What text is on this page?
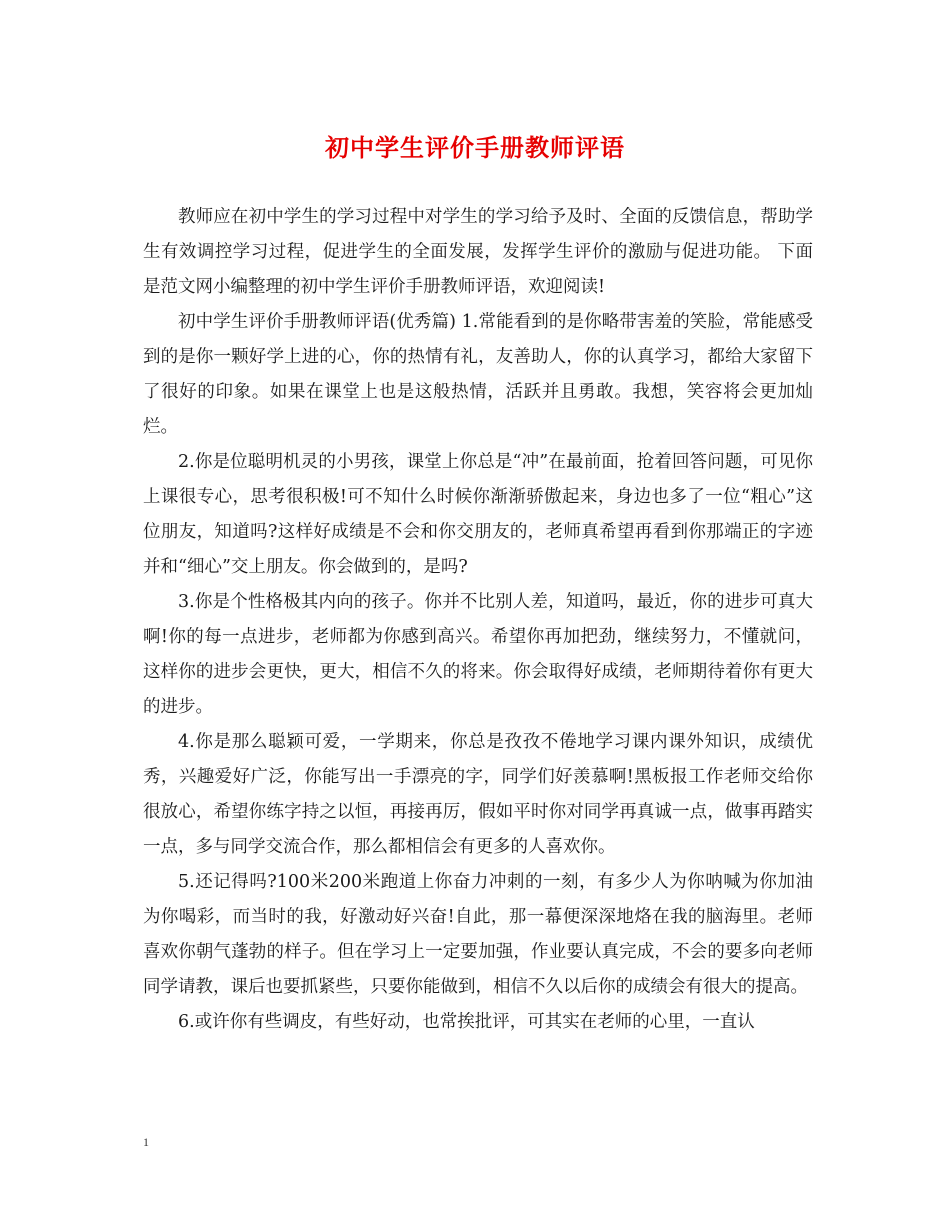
初中学生评价手册教师评语

教师应在初中学生的学习过程中对学生的学习给予及时、全面的反馈信息，帮助学生有效调控学习过程，促进学生的全面发展，发挥学生评价的激励与促进功能。 下面是范文网小编整理的初中学生评价手册教师评语，欢迎阅读!

初中学生评价手册教师评语(优秀篇) 1.常能看到的是你略带害羞的笑脸，常能感受到的是你一颗好学上进的心，你的热情有礼，友善助人，你的认真学习，都给大家留下了很好的印象。如果在课堂上也是这般热情，活跃并且勇敢。我想，笑容将会更加灿烂。

2.你是位聪明机灵的小男孩，课堂上你总是“冲”在最前面，抢着回答问题，可见你上课很专心，思考很积极!可不知什么时候你渐渐骄傲起来，身边也多了一位“粗心”这位朋友，知道吗?这样好成绩是不会和你交朋友的，老师真希望再看到你那端正的字迹并和“细心”交上朋友。你会做到的，是吗?

3.你是个性格极其内向的孩子。你并不比别人差，知道吗，最近，你的进步可真大啊!你的每一点进步，老师都为你感到高兴。希望你再加把劲，继续努力，不懂就问，这样你的进步会更快，更大，相信不久的将来。你会取得好成绩，老师期待着你有更大的进步。

4.你是那么聪颖可爱，一学期来，你总是孜孜不倦地学习课内课外知识，成绩优秀，兴趣爱好广泛，你能写出一手漂亮的字，同学们好羡慕啊!黑板报工作老师交给你很放心，希望你练字持之以恒，再接再厉，假如平时你对同学再真诚一点，做事再踏实一点，多与同学交流合作，那么都相信会有更多的人喜欢你。

5.还记得吗?100米200米跑道上你奋力冲刺的一刻，有多少人为你呐喊为你加油为你喝彩，而当时的我，好激动好兴奋!自此，那一幕便深深地烙在我的脑海里。老师喜欢你朝气蓬勃的样子。但在学习上一定要加强，作业要认真完成，不会的要多向老师同学请教，课后也要抓紧些，只要你能做到，相信不久以后你的成绩会有很大的提高。

6.或许你有些调皮，有些好动，也常挨批评，可其实在老师的心里，一直认

1
